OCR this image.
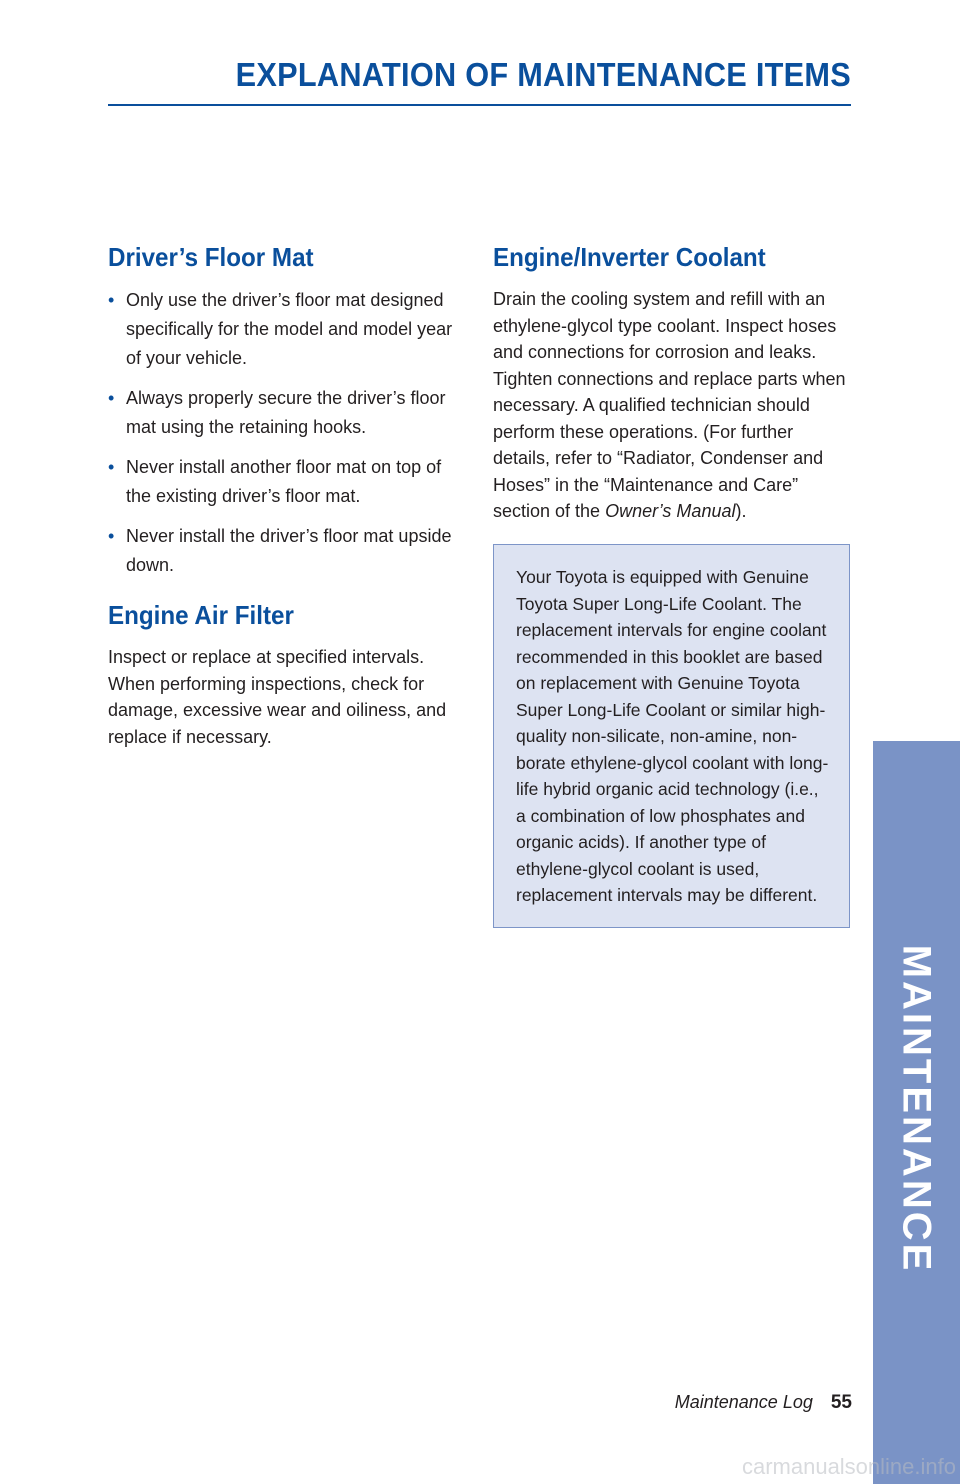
EXPLANATION OF MAINTENANCE ITEMS
Driver’s Floor Mat
• Only use the driver’s floor mat designed specifically for the model and model year of your vehicle.
• Always properly secure the driver’s floor mat using the retaining hooks.
• Never install another floor mat on top of the existing driver’s floor mat.
• Never install the driver’s floor mat upside down.
Engine Air Filter

Inspect or replace at specified intervals. When performing inspections, check for damage, excessive wear and oiliness, and replace if necessary.

Engine/Inverter Coolant

Drain the cooling system and refill with an ethylene-glycol type coolant. Inspect hoses and connections for corrosion and leaks. Tighten connections and replace parts when necessary. A qualified technician should perform these operations. (For further details, refer to “Radiator, Condenser and Hoses” in the “Maintenance and Care” section of the Owner’s Manual).

Your Toyota is equipped with Genuine Toyota Super Long-Life Coolant. The replacement intervals for engine coolant recommended in this booklet are based on replacement with Genuine Toyota Super Long-Life Coolant or similar high-quality non-silicate, non-amine, non-borate ethylene-glycol coolant with long-life hybrid organic acid technology (i.e., a combination of low phosphates and organic acids). If another type of ethylene-glycol coolant is used, replacement intervals may be different.

MAINTENANCE
Maintenance Log 55
carmanualsonline.info
